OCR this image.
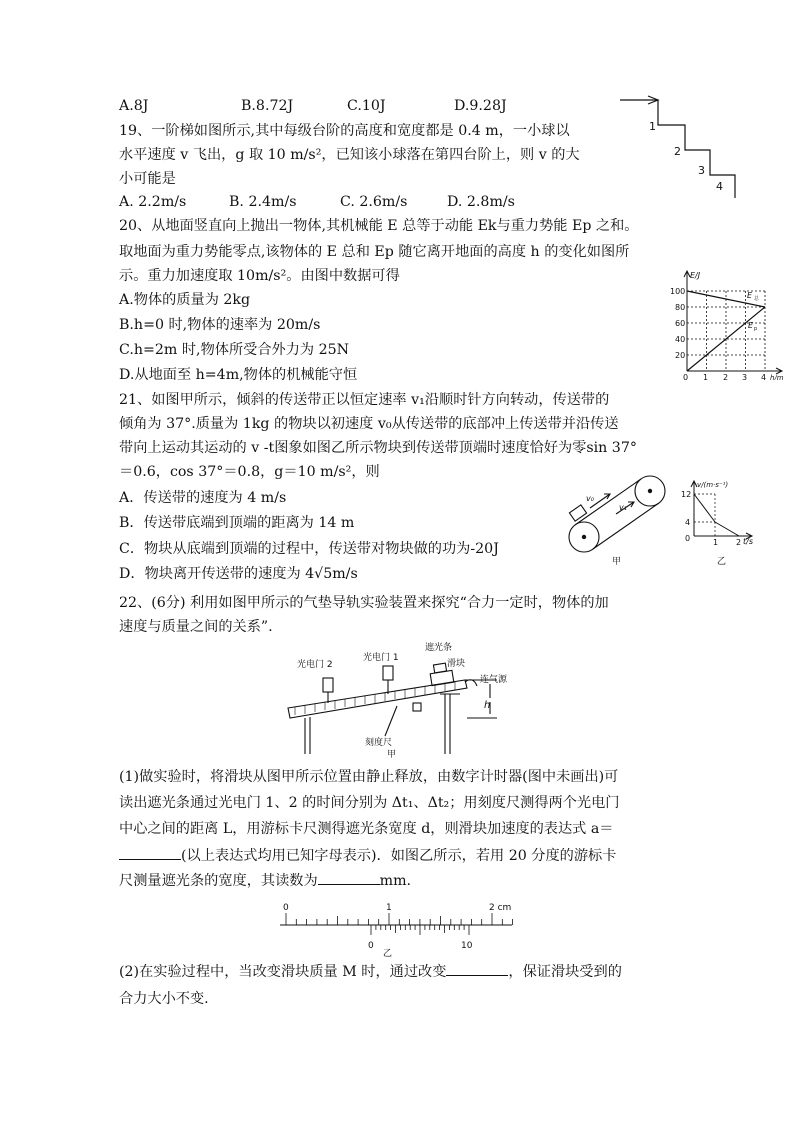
A.8J	B.8.72J	C.10J	D.9.28J
1
2
3
4
19、一阶梯如图所示,其中每级台阶的高度和宽度都是 0.4 m，一小球以
水平速度 v 飞出，g 取 10 m/s²，已知该小球落在第四台阶上，则 v 的大
小可能是
A. 2.2m/s	B. 2.4m/s	C. 2.6m/s	D. 2.8m/s
20、从地面竖直向上抛出一物体,其机械能 E 总等于动能 Ek与重力势能 Ep 之和。
取地面为重力势能零点,该物体的 E 总和 Ep 随它离开地面的高度 h 的变化如图所
示。重力加速度取 10m/s²。由图中数据可得
A.物体的质量为 2kg
B.h=0 时,物体的速率为 20m/s
C.h=2m 时,物体所受合外力为 25N
D.从地面至 h=4m,物体的机械能守恒
E/J
100
80
60
40
20
0 1 2 3 4 h/m
E 总
E p
21、如图甲所示，倾斜的传送带正以恒定速率 v₁沿顺时针方向转动，传送带的
倾角为 37°.质量为 1kg 的物块以初速度 v₀从传送带的底部冲上传送带并沿传送
带向上运动其运动的 v -t图象如图乙所示物块到传送带顶端时速度恰好为零sin 37°
＝0.6，cos 37°＝0.8，g＝10 m/s²，则
A．传送带的速度为 4 m/s
B．传送带底端到顶端的距离为 14 m
C．物块从底端到顶端的过程中，传送带对物块做的功为-20J
D．物块离开传送带的速度为 4√5m/s
v₀
v₁
甲
v/(m·s⁻¹)
12
4
0	1 2 t/s
乙
22、(6分) 利用如图甲所示的气垫导轨实验装置来探究“合力一定时，物体的加
速度与质量之间的关系”.
光电门 2
光电门 1
遮光条
滑块
连气源
h
刻度尺
甲
(1)做实验时，将滑块从图甲所示位置由静止释放，由数字计时器(图中未画出)可
读出遮光条通过光电门 1、2 的时间分别为 Δt₁、Δt₂；用刻度尺测得两个光电门
中心之间的距离 L，用游标卡尺测得遮光条宽度 d，则滑块加速度的表达式 a＝
(以上表达式均用已知字母表示)．如图乙所示，若用 20 分度的游标卡
尺测量遮光条的宽度，其读数为	mm.
0	1	2 cm
0	10
乙
(2)在实验过程中，当改变滑块质量 M 时，通过改变	，保证滑块受到的
合力大小不变.
